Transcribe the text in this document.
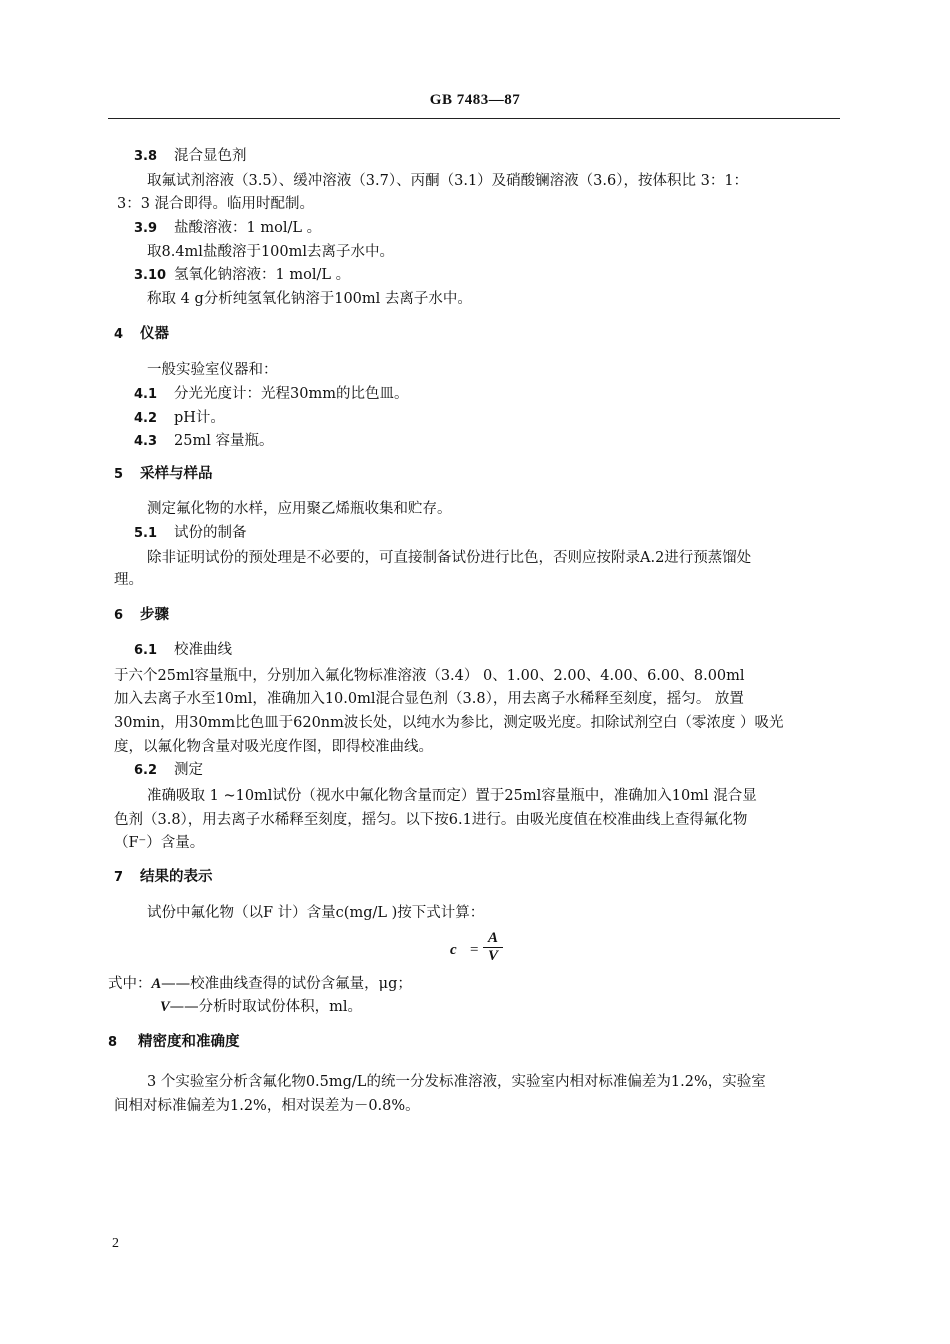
GB 7483—87
3.8 混合显色剂
取氟试剂溶液（3.5）、缓冲溶液（3.7）、丙酮（3.1）及硝酸镧溶液（3.6），按体积比 3：1：
3：3 混合即得。临用时配制。
3.9 盐酸溶液：1 mol/L 。
取8.4ml盐酸溶于100ml去离子水中。
3.10 氢氧化钠溶液：1 mol/L 。
称取 4 g分析纯氢氧化钠溶于100ml 去离子水中。
4 仪器
一般实验室仪器和：
4.1 分光光度计：光程30mm的比色皿。
4.2 pH计。
4.3 25ml 容量瓶。
5 采样与样品
测定氟化物的水样，应用聚乙烯瓶收集和贮存。
5.1 试份的制备
除非证明试份的预处理是不必要的，可直接制备试份进行比色，否则应按附录A.2进行预蒸馏处
理。
6 步骤
6.1 校准曲线
于六个25ml容量瓶中，分别加入氟化物标准溶液（3.4） 0、1.00、2.00、4.00、6.00、8.00ml
加入去离子水至10ml，准确加入10.0ml混合显色剂（3.8），用去离子水稀释至刻度，摇匀。 放置
30min，用30mm比色皿于620nm波长处，以纯水为参比，测定吸光度。扣除试剂空白（零浓度 ）吸光
度，以氟化物含量对吸光度作图，即得校准曲线。
6.2 测定
准确吸取 1 ~10ml试份（视水中氟化物含量而定）置于25ml容量瓶中，准确加入10ml 混合显
色剂（3.8），用去离子水稀释至刻度，摇匀。以下按6.1进行。由吸光度值在校准曲线上查得氟化物
（F⁻）含量。
7 结果的表示
试份中氟化物（以F 计）含量c(mg/L )按下式计算：
$c = \frac{A}{V}$
式中：A——校准曲线查得的试份含氟量，μg；
V——分析时取试份体积，ml。
8 精密度和准确度
3 个实验室分析含氟化物0.5mg/L的统一分发标准溶液，实验室内相对标准偏差为1.2%，实验室
间相对标准偏差为1.2%，相对误差为－0.8%。
2
